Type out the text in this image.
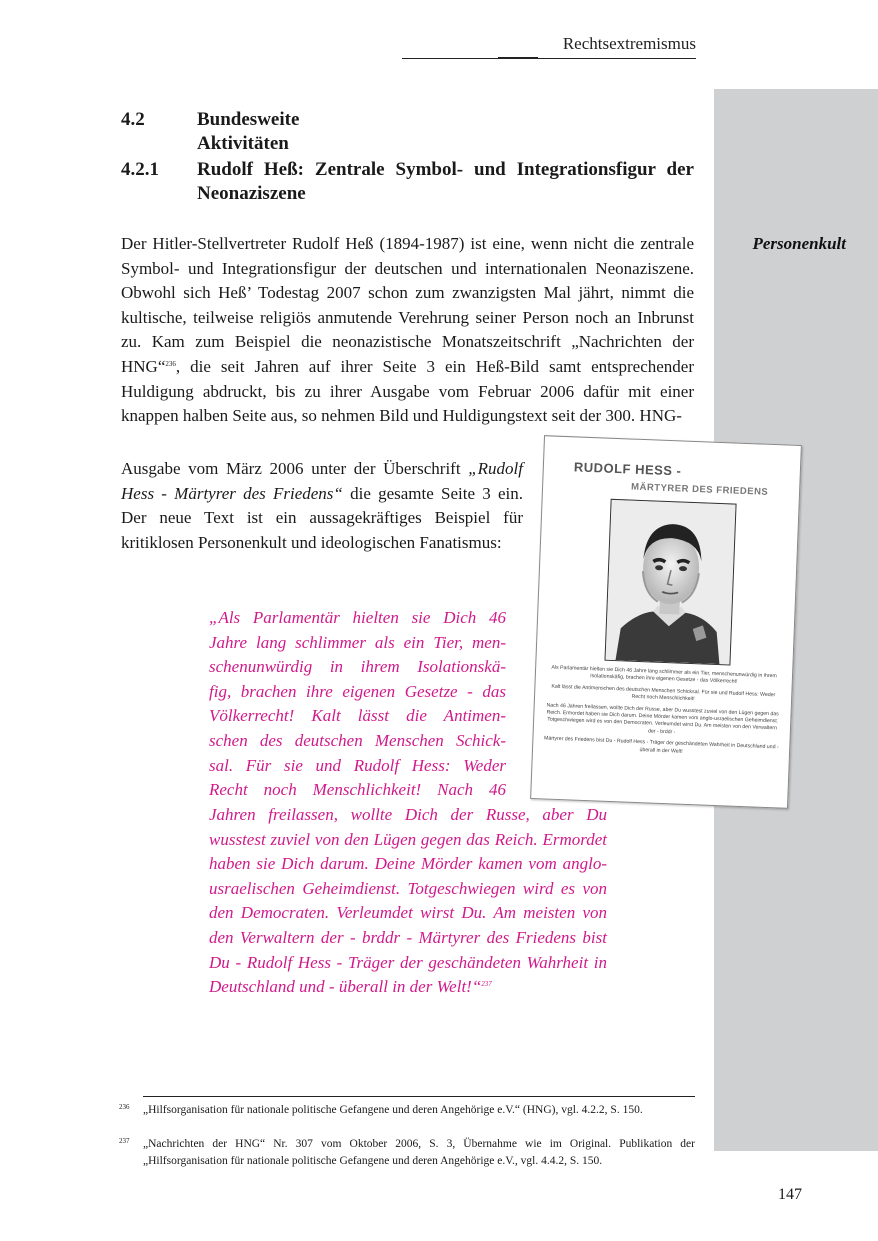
Rechtsextremismus
4.2	Bundesweite Aktivitäten
4.2.1 Rudolf Heß: Zentrale Symbol- und Integrationsfigur der
Neonaziszene
Personenkult

Der Hitler-Stellvertreter Rudolf Heß (1894-1987) ist eine, wenn nicht die zentrale Symbol- und Integrationsfigur der deutschen und internationalen Neonaziszene. Obwohl sich Heß’ Todestag 2007 schon zum zwanzigsten Mal jährt, nimmt die kultische, teilweise religiös anmutende Verehrung seiner Person noch an Inbrunst zu. Kam zum Beispiel die neonazistische Monatszeitschrift „Nachrichten der HNG“$^{236}$, die seit Jahren auf ihrer Seite 3 ein Heß-Bild samt entsprechender Huldigung abdruckt, bis zu ihrer Ausgabe vom Februar 2006 dafür mit einer knappen halben Seite aus, so nehmen Bild und Huldigungstext seit der 300. HNG-

Ausgabe vom März 2006 unter der Überschrift „Rudolf Hess - Märtyrer des Friedens“ die gesamte Seite 3 ein. Der neue Text ist ein aussagekräftiges Beispiel für kritiklosen Personenkult und ideologischen Fanatismus:

„Als Parlamentär hielten sie Dich 46
Jahre lang schlimmer als ein Tier, men-
schenunwürdig in ihrem Isolationskä-
fig, brachen ihre eigenen Gesetze - das
Völkerrecht! Kalt lässt die Antimen-
schen des deutschen Menschen Schick-
sal. Für sie und Rudolf Hess: Weder
Recht noch Menschlichkeit! Nach 46

Jahren freilassen, wollte Dich der Russe, aber Du wusstest zuviel von den Lügen gegen das Reich. Ermordet haben sie Dich darum. Deine Mörder kamen vom anglo-usraelischen Geheimdienst. Totgeschwiegen wird es von den Democraten. Verleumdet wirst Du. Am meisten von den Verwaltern der - brddr - Märtyrer des Friedens bist Du - Rudolf Hess - Träger der geschändeten Wahrheit in Deutschland und - überall in der Welt!“$^{237}$

RUDOLF HESS -
MÄRTYRER DES FRIEDENS

Als Parlamentär hielten sie Dich 46 Jahre lang schlimmer als ein Tier, menschenunwürdig in ihrem Isolationskäfig, brachen ihre eigenen Gesetze - das Völkerrecht!

Kalt lässt die Antimenschen des deutschen Menschen Schicksal. Für sie und Rudolf Hess: Weder Recht noch Menschlichkeit!

Nach 46 Jahren freilassen, wollte Dich der Russe, aber Du wusstest zuviel von den Lügen gegen das Reich. Ermordet haben sie Dich darum. Deine Mörder kamen vom anglo-usraelischen Geheimdienst. Totgeschwiegen wird es von den Democraten. Verleumdet wirst Du. Am meisten von den Verwaltern der - brddr -

Märtyrer des Friedens bist Du - Rudolf Hess - Träger der geschändeten Wahrheit in Deutschland und - überall in der Welt!

236 „Hilfsorganisation für nationale politische Gefangene und deren Angehörige e.V.“ (HNG), vgl. 4.2.2, S. 150.

237 „Nachrichten der HNG“ Nr. 307 vom Oktober 2006, S. 3, Übernahme wie im Original. Publikation der „Hilfsorganisation für nationale politische Gefangene und deren Angehörige e.V., vgl. 4.4.2, S. 150.

147
